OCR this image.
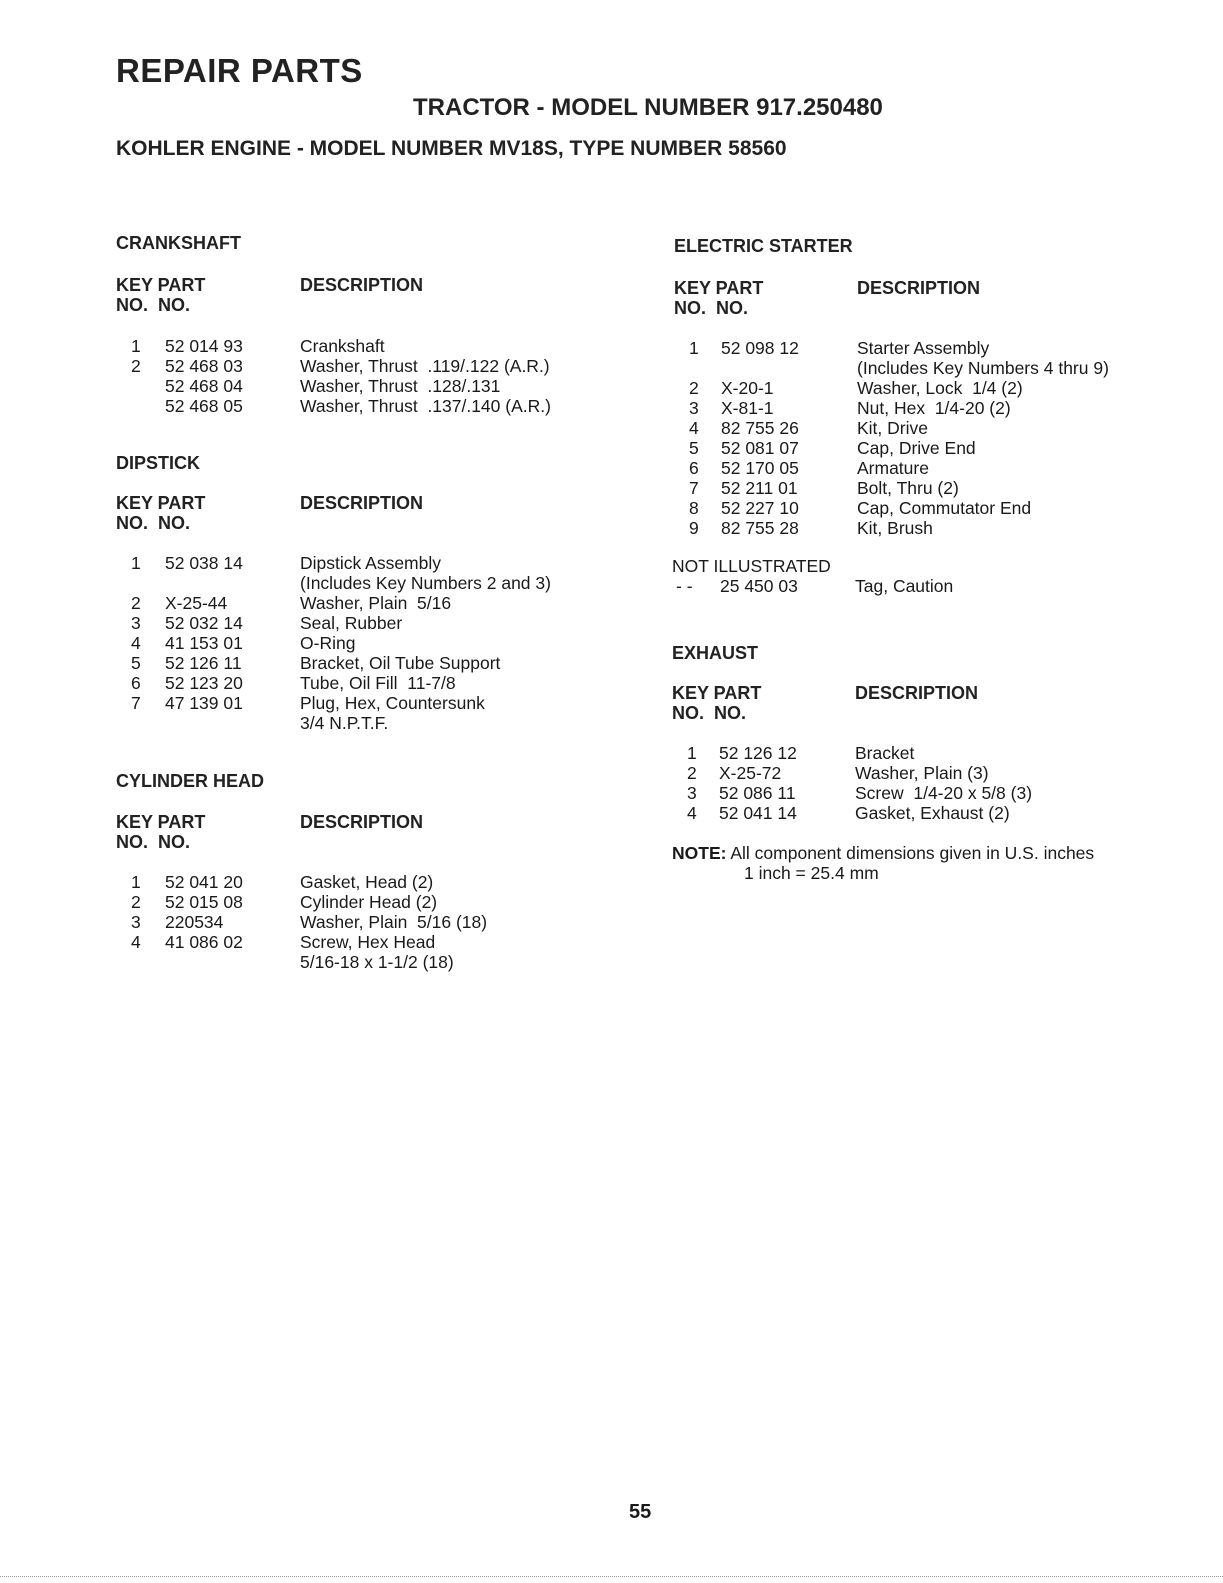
REPAIR PARTS
TRACTOR - MODEL NUMBER 917.250480
KOHLER ENGINE - MODEL NUMBER MV18S, TYPE NUMBER 58560
CRANKSHAFT
KEY PART
NO.  NO.
DESCRIPTION
1 52 014 93	Crankshaft
2 52 468 03	Washer, Thrust  .119/.122 (A.R.)
52 468 04	Washer, Thrust  .128/.131
52 468 05	Washer, Thrust  .137/.140 (A.R.)
DIPSTICK
KEY PART
NO.  NO.
DESCRIPTION
1 52 038 14	Dipstick Assembly
(Includes Key Numbers 2 and 3)
2 X-25-44	Washer, Plain  5/16
3 52 032 14	Seal, Rubber
4 41 153 01	O-Ring
5 52 126 11	Bracket, Oil Tube Support
6 52 123 20	Tube, Oil Fill  11-7/8
7 47 139 01	Plug, Hex, Countersunk
3/4 N.P.T.F.
CYLINDER HEAD
KEY PART
NO.  NO.
DESCRIPTION
1 52 041 20	Gasket, Head (2)
2 52 015 08	Cylinder Head (2)
3 220534	Washer, Plain  5/16 (18)
4 41 086 02	Screw, Hex Head
5/16-18 x 1-1/2 (18)
ELECTRIC STARTER
KEY PART
NO.  NO.
DESCRIPTION
1 52 098 12	Starter Assembly
(Includes Key Numbers 4 thru 9)
2 X-20-1	Washer, Lock  1/4 (2)
3 X-81-1	Nut, Hex  1/4-20 (2)
4 82 755 26	Kit, Drive
5 52 081 07	Cap, Drive End
6 52 170 05	Armature
7 52 211 01	Bolt, Thru (2)
8 52 227 10	Cap, Commutator End
9 82 755 28	Kit, Brush
NOT ILLUSTRATED
- - 25 450 03	Tag, Caution
EXHAUST
KEY PART
NO.  NO.
DESCRIPTION
1 52 126 12	Bracket
2 X-25-72	Washer, Plain (3)
3 52 086 11	Screw  1/4-20 x 5/8 (3)
4 52 041 14	Gasket, Exhaust (2)
NOTE: All component dimensions given in U.S. inches
1 inch = 25.4 mm
55
